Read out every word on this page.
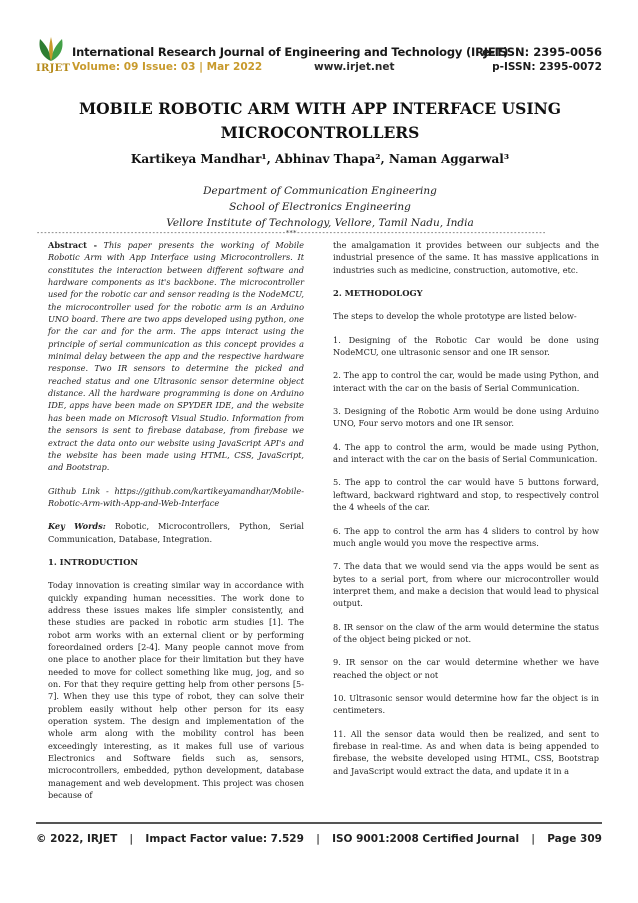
IRJET
International Research Journal of Engineering and Technology (IRJET)
Volume: 09 Issue: 03 | Mar 2022	www.irjet.net
e-ISSN: 2395-0056
p-ISSN: 2395-0072
MOBILE ROBOTIC ARM WITH APP INTERFACE USING MICROCONTROLLERS
Kartikeya Mandhar¹, Abhinav Thapa², Naman Aggarwal³
Department of Communication Engineering
School of Electronics Engineering
Vellore Institute of Technology, Vellore, Tamil Nadu, India
---------------------------------------------------------------------***---------------------------------------------------------------------

Abstract - This paper presents the working of Mobile Robotic Arm with App Interface using Microcontrollers. It constitutes the interaction between different software and hardware components as it's backbone. The microcontroller used for the robotic car and sensor reading is the NodeMCU, the microcontroller used for the robotic arm is an Arduino UNO board. There are two apps developed using python, one for the car and for the arm. The apps interact using the principle of serial communication as this concept provides a minimal delay between the app and the respective hardware response. Two IR sensors to determine the picked and reached status and one Ultrasonic sensor determine object distance. All the hardware programming is done on Arduino IDE, apps have been made on SPYDER IDE, and the website has been made on Microsoft Visual Studio. Information from the sensors is sent to firebase database, from firebase we extract the data onto our website using JavaScript API's and the website has been made using HTML, CSS, JavaScript, and Bootstrap.

Github Link - https://github.com/kartikeyamandhar/Mobile-Robotic-Arm-with-App-and-Web-Interface

Key Words: Robotic, Microcontrollers, Python, Serial Communication, Database, Integration.

1. INTRODUCTION

Today innovation is creating similar way in accordance with quickly expanding human necessities. The work done to address these issues makes life simpler consistently, and these studies are packed in robotic arm studies [1]. The robot arm works with an external client or by performing foreordained orders [2-4]. Many people cannot move from one place to another place for their limitation but they have needed to move for collect something like mug, jog, and so on. For that they require getting help from other persons [5-7]. When they use this type of robot, they can solve their problem easily without help other person for its easy operation system. The design and implementation of the whole arm along with the mobility control has been exceedingly interesting, as it makes full use of various Electronics and Software fields such as, sensors, microcontrollers, embedded, python development, database management and web development. This project was chosen because of

the amalgamation it provides between our subjects and the industrial presence of the same. It has massive applications in industries such as medicine, construction, automotive, etc.

2. METHODOLOGY

The steps to develop the whole prototype are listed below-

1. Designing of the Robotic Car would be done using NodeMCU, one ultrasonic sensor and one IR sensor.

2. The app to control the car, would be made using Python, and interact with the car on the basis of Serial Communication.

3. Designing of the Robotic Arm would be done using Arduino UNO, Four servo motors and one IR sensor.

4. The app to control the arm, would be made using Python, and interact with the car on the basis of Serial Communication.

5. The app to control the car would have 5 buttons forward, leftward, backward rightward and stop, to respectively control the 4 wheels of the car.

6. The app to control the arm has 4 sliders to control by how much angle would you move the respective arms.

7. The data that we would send via the apps would be sent as bytes to a serial port, from where our microcontroller would interpret them, and make a decision that would lead to physical output.

8. IR sensor on the claw of the arm would determine the status of the object being picked or not.

9. IR sensor on the car would determine whether we have reached the object or not

10. Ultrasonic sensor would determine how far the object is in centimeters.

11. All the sensor data would then be realized, and sent to firebase in real-time. As and when data is being appended to firebase, the website developed using HTML, CSS, Bootstrap and JavaScript would extract the data, and update it in a

© 2022, IRJET | Impact Factor value: 7.529 | ISO 9001:2008 Certified Journal | Page 309
